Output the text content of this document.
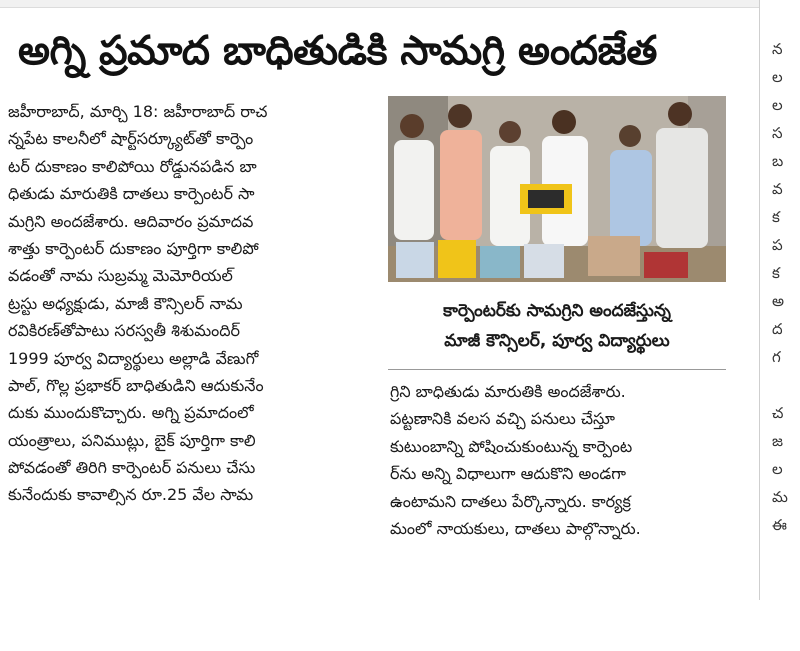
అగ్ని ప్రమాద బాధితుడికి సామగ్రి అందజేత
జహీరాబాద్, మార్చి 18: జహీరాబాద్ రాచ
న్నపేట కాలనీలో షార్ట్‌సర్క్యూట్‌తో కార్పెం
టర్ దుకాణం కాలిపోయి రోడ్డునపడిన బా
ధితుడు మారుతికి దాతలు కార్పెంటర్ సా
మగ్రిని అందజేశారు. ఆదివారం ప్రమాదవ
శాత్తు కార్పెంటర్ దుకాణం పూర్తిగా కాలిపో
వడంతో నామ సుబ్రమ్మ మెమోరియల్
ట్రస్టు అధ్యక్షుడు, మాజీ కౌన్సిలర్ నామ
రవికిరణ్‌తోపాటు సరస్వతీ శిశుమందిర్
1999 పూర్వ విద్యార్థులు అల్లాడి వేణుగో
పాల్, గొల్ల ప్రభాకర్ బాధితుడిని ఆదుకునేం
దుకు ముందుకొచ్చారు. అగ్ని ప్రమాదంలో
యంత్రాలు, పనిముట్లు, బైక్ పూర్తిగా కాలి
పోవడంతో తిరిగి కార్పెంటర్ పనులు చేసు
కునేందుకు కావాల్సిన రూ.25 వేల సామ
కార్పెంటర్‌కు సామగ్రిని అందజేస్తున్న
మాజీ కౌన్సిలర్, పూర్వ విద్యార్థులు
గ్రిని బాధితుడు మారుతికి అందజేశారు.
పట్టణానికి వలస వచ్చి పనులు చేస్తూ
కుటుంబాన్ని పోషించుకుంటున్న కార్పెంట
ర్‌ను అన్ని విధాలుగా ఆదుకొని అండగా
ఉంటామని దాతలు పేర్కొన్నారు. కార్యక్ర
మంలో నాయకులు, దాతలు పాల్గొన్నారు.
న
ల
ల
స
బ
వ
క
ప
క
అ
ద
గ
చ
జ
ల
మ
ఈ
